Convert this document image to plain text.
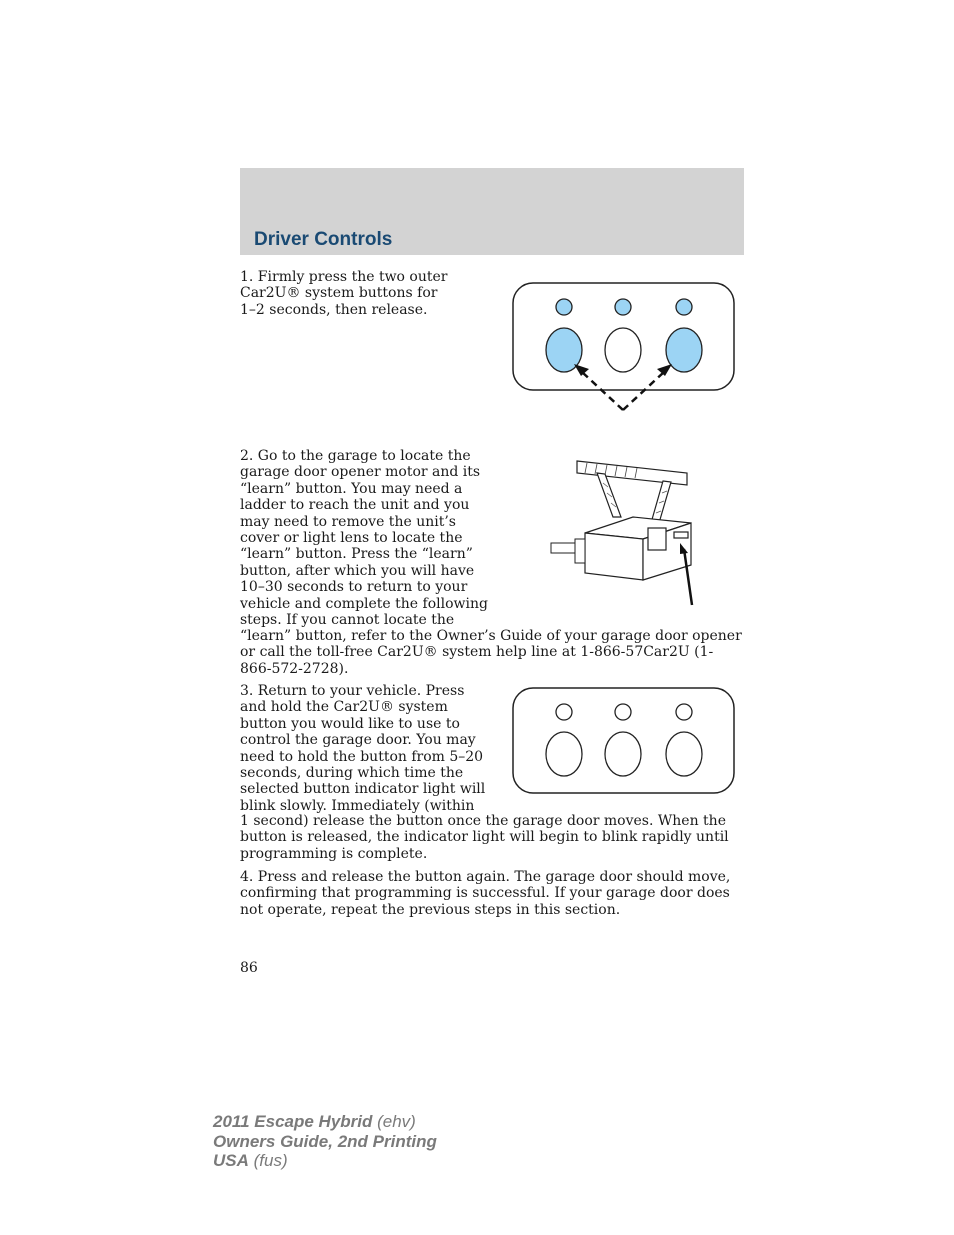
Driver Controls

1. Firmly press the two outer Car2U® system buttons for 1–2 seconds, then release.

2. Go to the garage to locate the garage door opener motor and its “learn” button. You may need a ladder to reach the unit and you may need to remove the unit’s cover or light lens to locate the “learn” button. Press the “learn” button, after which you will have 10–30 seconds to return to your vehicle and complete the following steps. If you cannot locate the

“learn” button, refer to the Owner’s Guide of your garage door opener or call the toll-free Car2U® system help line at 1-866-57Car2U (1-866-572-2728).

3. Return to your vehicle. Press and hold the Car2U® system button you would like to use to control the garage door. You may need to hold the button from 5–20 seconds, during which time the selected button indicator light will blink slowly. Immediately (within

1 second) release the button once the garage door moves. When the button is released, the indicator light will begin to blink rapidly until programming is complete.

4. Press and release the button again. The garage door should move, confirming that programming is successful. If your garage door does not operate, repeat the previous steps in this section.

86
2011 Escape Hybrid (ehv)
Owners Guide, 2nd Printing
USA (fus)
